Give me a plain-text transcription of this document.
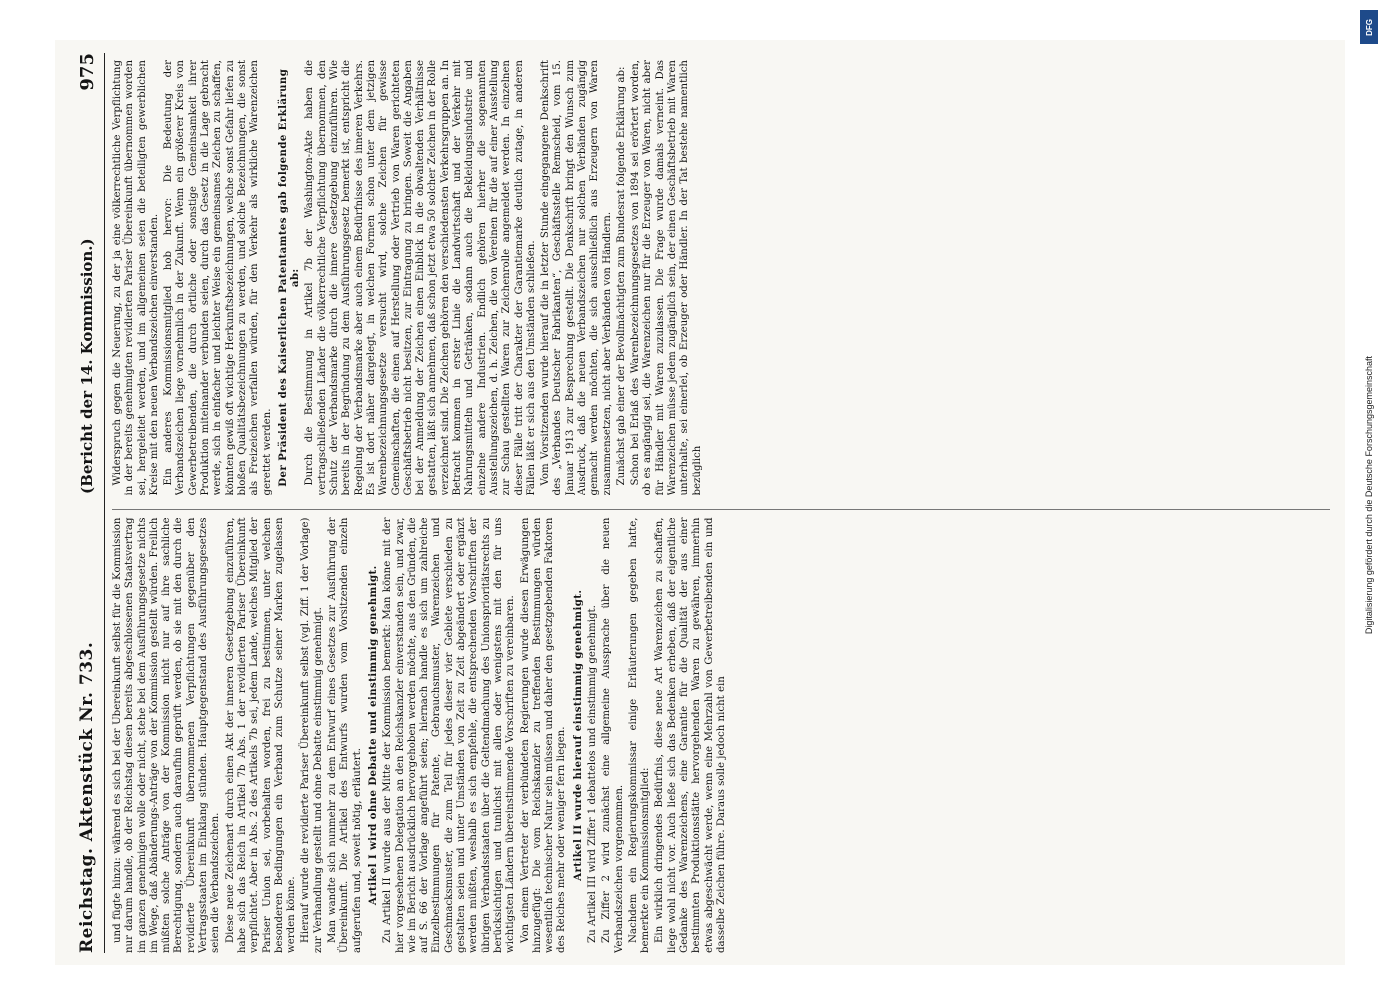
Reichstag. Aktenstück Nr. 733.
(Bericht der 14. Kommission.)
975

und fügte hinzu: während es sich bei der Übereinkunft selbst für die Kommission nur darum handle, ob der Reichstag diesen bereits abgeschlossenen Staatsvertrag im ganzen genehmigen wolle oder nicht, stehe bei dem Ausführungsgesetze nichts im Wege, daß Abänderungs-Anträge von der Kommission gestellt würden. Freilich müßten solche Anträge von der Kommission nicht nur auf ihre sachliche Berechtigung, sondern auch daraufhin geprüft werden, ob sie mit den durch die revidierte Übereinkunft übernommenen Verpflichtungen gegenüber den Vertragsstaaten im Einklang stünden. Hauptgegenstand des Ausführungsgesetzes seien die Verbandszeichen. Diese neue Zeichenart durch einen Akt der inneren Gesetzgebung einzuführen, habe sich das Reich in Artikel 7b Abs. 1 der revidierten Pariser Übereinkunft verpflichtet. Aber in Abs. 2 des Artikels 7b sei, jedem Lande, welches Mitglied der Pariser Union sei, vorbehalten worden, frei zu bestimmen, unter welchen besonderen Bedingungen ein Verband zum Schutze seiner Marken zugelassen werden könne. Hierauf wurde die revidierte Pariser Übereinkunft selbst (vgl. Ziff. 1 der Vorlage) zur Verhandlung gestellt und ohne Debatte einstimmig genehmigt. Man wandte sich nunmehr zu dem Entwurf eines Gesetzes zur Ausführung der Übereinkunft. Die Artikel des Entwurfs wurden vom Vorsitzenden einzeln aufgerufen und, soweit nötig, erläutert. Artikel I wird ohne Debatte und einstimmig genehmigt. Zu Artikel II wurde aus der Mitte der Kommission bemerkt: Man könne mit der hier vorgesehenen Delegation an den Reichskanzler einverstanden sein, und zwar, wie im Bericht ausdrücklich hervorgehoben werden möchte, aus den Gründen, die auf S. 66 der Vorlage angeführt seien; hiernach handle es sich um zahlreiche Einzelbestimmungen für Patente, Gebrauchsmuster, Warenzeichen und Geschmacksmuster, die zum Teil für jedes dieser vier Gebiete verschieden zu gestalten seien und unter Umständen von Zeit zu Zeit abgeändert oder ergänzt werden müßten, weshalb es sich empfehle, die entsprechenden Vorschriften der übrigen Verbandsstaaten über die Geltendmachung des Unionsprioritätsrechts zu berücksichtigen und tunlichst mit allen oder wenigstens mit den für uns wichtigsten Ländern übereinstimmende Vorschriften zu vereinbaren. Von einem Vertreter der verbündeten Regierungen wurde diesen Erwägungen hinzugefügt: Die vom Reichskanzler zu treffenden Bestimmungen würden wesentlich technischer Natur sein müssen und daher den gesetzgebenden Faktoren des Reiches mehr oder weniger fern liegen. Artikel II wurde hierauf einstimmig genehmigt. Zu Artikel III wird Ziffer 1 debattelos und einstimmig genehmigt. Zu Ziffer 2 wird zunächst eine allgemeine Aussprache über die neuen Verbandszeichen vorgenommen. Nachdem ein Regierungskommissar einige Erläuterungen gegeben hatte, bemerkte ein Kommissionsmitglied: Ein wirklich dringendes Bedürfnis, diese neue Art Warenzeichen zu schaffen, liege wohl nicht vor. Auch ließe sich das Bedenken erheben, daß der eigentliche Gedanke des Warenzeichens, eine Garantie für die Qualität der aus einer bestimmten Produktionsstätte hervorgehenden Waren zu gewähren, immerhin etwas abgeschwächt werde, wenn eine Mehrzahl von Gewerbetreibenden ein und dasselbe Zeichen führe. Daraus solle jedoch nicht ein

Widerspruch gegen die Neuerung, zu der ja eine völkerrechtliche Verpflichtung in der bereits genehmigten revidierten Pariser Übereinkunft übernommen worden sei, hergeleitet werden, und im allgemeinen seien die beteiligten gewerblichen Kreise mit den neuen Verbandszeichen einverstanden. Ein anderes Kommissionsmitglied hob hervor: Die Bedeutung der Verbandszeichen liege vornehmlich in der Zukunft. Wenn ein größerer Kreis von Gewerbetreibenden, die durch örtliche oder sonstige Gemeinsamkeit ihrer Produktion miteinander verbunden seien, durch das Gesetz in die Lage gebracht werde, sich in einfacher und leichter Weise ein gemeinsames Zeichen zu schaffen, könnten gewiß oft wichtige Herkunftsbezeichnungen, welche sonst Gefahr liefen zu bloßen Qualitätsbezeichnungen zu werden, und solche Bezeichnungen, die sonst als Freizeichen verfallen würden, für den Verkehr als wirkliche Warenzeichen gerettet werden. Der Präsident des Kaiserlichen Patentamtes gab folgende Erklärung ab: Durch die Bestimmung in Artikel 7b der Washington-Akte haben die vertragschließenden Länder die völkerrechtliche Verpflichtung übernommen, den Schutz der Verbandsmarke durch die innere Gesetzgebung einzuführen. Wie bereits in der Begründung zu dem Ausführungsgesetz bemerkt ist, entspricht die Regelung der Verbandsmarke aber auch einem Bedürfnisse des inneren Verkehrs. Es ist dort näher dargelegt, in welchen Formen schon unter dem jetzigen Warenbezeichnungsgesetze versucht wird, solche Zeichen für gewisse Gemeinschaften, die einen auf Herstellung oder Vertrieb von Waren gerichteten Geschäftsbetrieb nicht besitzen, zur Eintragung zu bringen. Soweit die Angaben bei der Anmeldung der Zeichen einen Einblick in die obwaltenden Verhältnisse gestatten, läßt sich annehmen, daß schon jetzt etwa 50 solcher Zeichen in der Rolle verzeichnet sind. Die Zeichen gehören den verschiedensten Verkehrsgruppen an. In Betracht kommen in erster Linie die Landwirtschaft und der Verkehr mit Nahrungsmitteln und Getränken, sodann auch die Bekleidungsindustrie und einzelne andere Industrien. Endlich gehören hierher die sogenannten Ausstellungszeichen, d. h. Zeichen, die von Vereinen für die auf einer Ausstellung zur Schau gestellten Waren zur Zeichenrolle angemeldet werden. In einzelnen dieser Fälle tritt der Charakter der Garantiemarke deutlich zutage, in anderen Fällen läßt er sich aus den Umständen schließen. Vom Vorsitzenden wurde hierauf die in letzter Stunde eingegangene Denkschrift des „Verbandes Deutscher Fabrikanten“, Geschäftsstelle Remscheid, vom 15. Januar 1913 zur Besprechung gestellt. Die Denkschrift bringt den Wunsch zum Ausdruck, daß die neuen Verbandszeichen nur solchen Verbänden zugängig gemacht werden möchten, die sich ausschließlich aus Erzeugern von Waren zusammensetzen, nicht aber Verbänden von Händlern. Zunächst gab einer der Bevollmächtigten zum Bundesrat folgende Erklärung ab: Schon bei Erlaß des Warenbezeichnungsgesetzes von 1894 sei erörtert worden, ob es angängig sei, die Warenzeichen nur für die Erzeuger von Waren, nicht aber für Händler mit Waren zuzulassen. Die Frage wurde damals verneint. Das Warenzeichen müsse jedem zugänglich sein, der einen Geschäftsbetrieb mit Waren unterhalte, sei einerlei, ob Erzeuger oder Händler. In der Tat bestehe namentlich bezüglich

DFG
Digitalisierung gefördert durch die Deutsche Forschungsgemeinschaft
